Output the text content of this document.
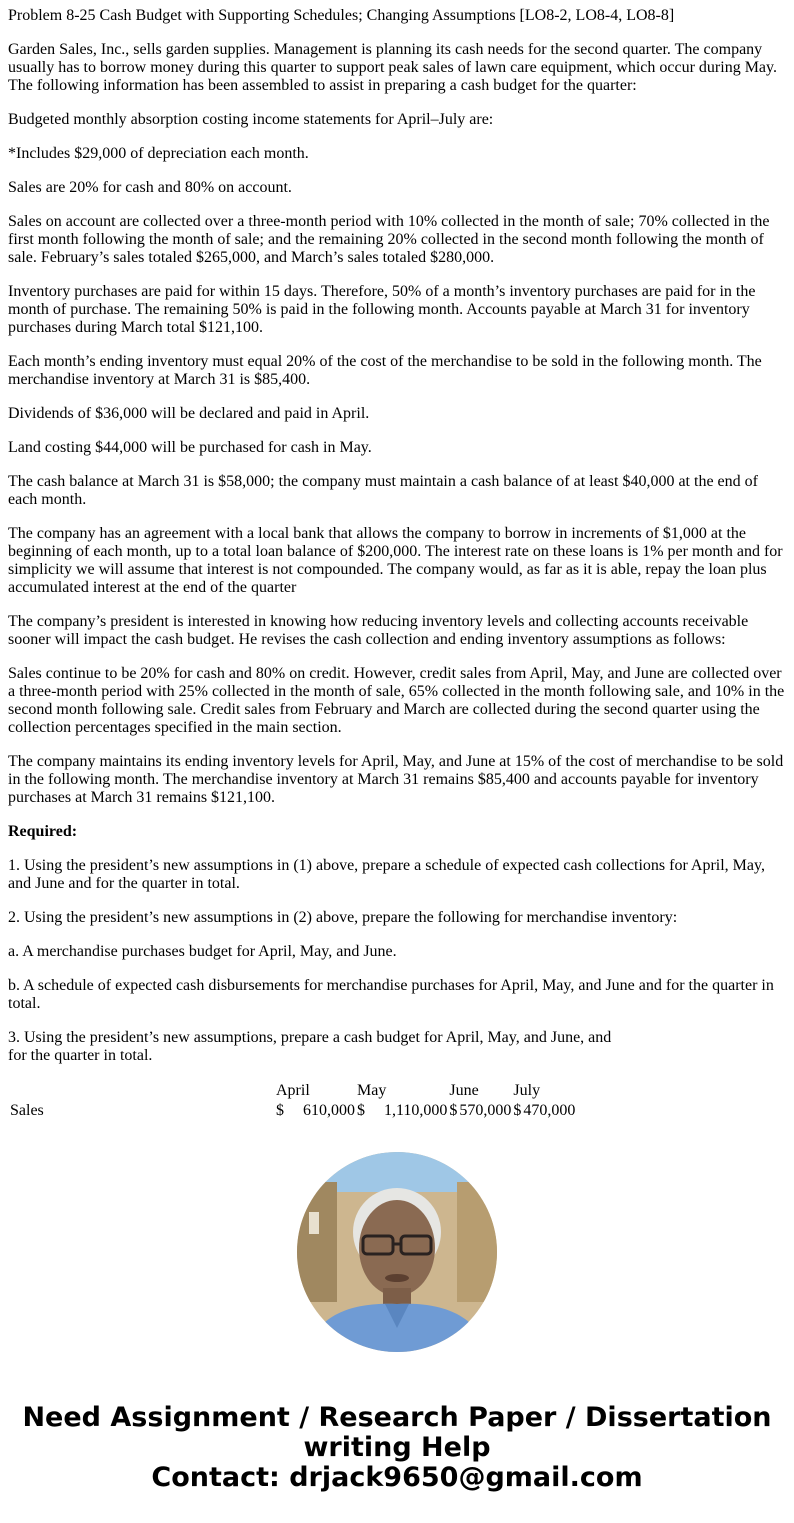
Problem 8-25 Cash Budget with Supporting Schedules; Changing Assumptions [LO8-2, LO8-4, LO8-8]

Garden Sales, Inc., sells garden supplies. Management is planning its cash needs for the second quarter. The company usually has to borrow money during this quarter to support peak sales of lawn care equipment, which occur during May. The following information has been assembled to assist in preparing a cash budget for the quarter:

Budgeted monthly absorption costing income statements for April–July are:

*Includes $29,000 of depreciation each month.

Sales are 20% for cash and 80% on account.

Sales on account are collected over a three-month period with 10% collected in the month of sale; 70% collected in the first month following the month of sale; and the remaining 20% collected in the second month following the month of sale. February’s sales totaled $265,000, and March’s sales totaled $280,000.

Inventory purchases are paid for within 15 days. Therefore, 50% of a month’s inventory purchases are paid for in the month of purchase. The remaining 50% is paid in the following month. Accounts payable at March 31 for inventory purchases during March total $121,100.

Each month’s ending inventory must equal 20% of the cost of the merchandise to be sold in the following month. The merchandise inventory at March 31 is $85,400.

Dividends of $36,000 will be declared and paid in April.

Land costing $44,000 will be purchased for cash in May.

The cash balance at March 31 is $58,000; the company must maintain a cash balance of at least $40,000 at the end of each month.

The company has an agreement with a local bank that allows the company to borrow in increments of $1,000 at the beginning of each month, up to a total loan balance of $200,000. The interest rate on these loans is 1% per month and for simplicity we will assume that interest is not compounded. The company would, as far as it is able, repay the loan plus accumulated interest at the end of the quarter

The company’s president is interested in knowing how reducing inventory levels and collecting accounts receivable sooner will impact the cash budget. He revises the cash collection and ending inventory assumptions as follows:

Sales continue to be 20% for cash and 80% on credit. However, credit sales from April, May, and June are collected over a three-month period with 25% collected in the month of sale, 65% collected in the month following sale, and 10% in the second month following sale. Credit sales from February and March are collected during the second quarter using the collection percentages specified in the main section.

The company maintains its ending inventory levels for April, May, and June at 15% of the cost of merchandise to be sold in the following month. The merchandise inventory at March 31 remains $85,400 and accounts payable for inventory purchases at March 31 remains $121,100.

Required:

1. Using the president’s new assumptions in (1) above, prepare a schedule of expected cash collections for April, May, and June and for the quarter in total.

2. Using the president’s new assumptions in (2) above, prepare the following for merchandise inventory:

a. A merchandise purchases budget for April, May, and June.

b. A schedule of expected cash disbursements for merchandise purchases for April, May, and June and for the quarter in total.

3. Using the president’s new assumptions, prepare a cash budget for April, May, and June, and
for the quarter in total.

	April		May		June		July	
Sales	$	610,000	$	1,110,000	$	570,000	$	470,000
Need Assignment / Research Paper / Dissertation
writing Help
Contact: drjack9650@gmail.com
